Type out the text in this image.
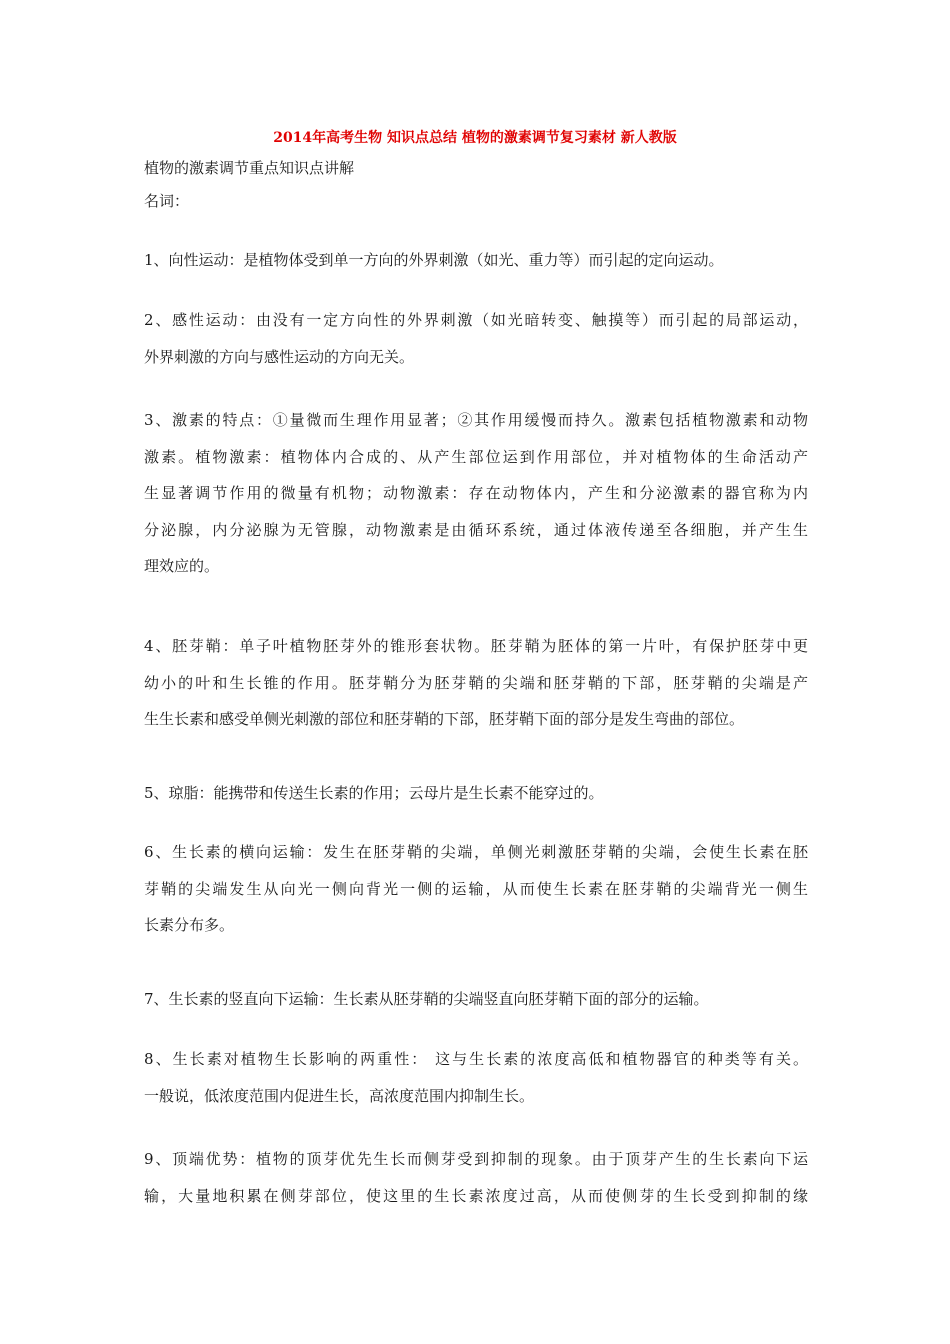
2014年高考生物 知识点总结 植物的激素调节复习素材 新人教版
植物的激素调节重点知识点讲解
名词：
1、向性运动：是植物体受到单一方向的外界刺激（如光、重力等）而引起的定向运动。
2、感性运动：由没有一定方向性的外界刺激（如光暗转变、触摸等）而引起的局部运动，
外界刺激的方向与感性运动的方向无关。
3、激素的特点：①量微而生理作用显著；②其作用缓慢而持久。激素包括植物激素和动物
激素。植物激素：植物体内合成的、从产生部位运到作用部位，并对植物体的生命活动产
生显著调节作用的微量有机物；动物激素：存在动物体内，产生和分泌激素的器官称为内
分泌腺，内分泌腺为无管腺，动物激素是由循环系统，通过体液传递至各细胞，并产生生
理效应的。
4、胚芽鞘：单子叶植物胚芽外的锥形套状物。胚芽鞘为胚体的第一片叶，有保护胚芽中更
幼小的叶和生长锥的作用。胚芽鞘分为胚芽鞘的尖端和胚芽鞘的下部，胚芽鞘的尖端是产
生生长素和感受单侧光刺激的部位和胚芽鞘的下部，胚芽鞘下面的部分是发生弯曲的部位。
5、琼脂：能携带和传送生长素的作用；云母片是生长素不能穿过的。
6、生长素的横向运输：发生在胚芽鞘的尖端，单侧光刺激胚芽鞘的尖端，会使生长素在胚
芽鞘的尖端发生从向光一侧向背光一侧的运输，从而使生长素在胚芽鞘的尖端背光一侧生
长素分布多。
7、生长素的竖直向下运输：生长素从胚芽鞘的尖端竖直向胚芽鞘下面的部分的运输。
8、生长素对植物生长影响的两重性： 这与生长素的浓度高低和植物器官的种类等有关。
一般说，低浓度范围内促进生长，高浓度范围内抑制生长。
9、顶端优势：植物的顶芽优先生长而侧芽受到抑制的现象。由于顶芽产生的生长素向下运
输，大量地积累在侧芽部位，使这里的生长素浓度过高，从而使侧芽的生长受到抑制的缘
